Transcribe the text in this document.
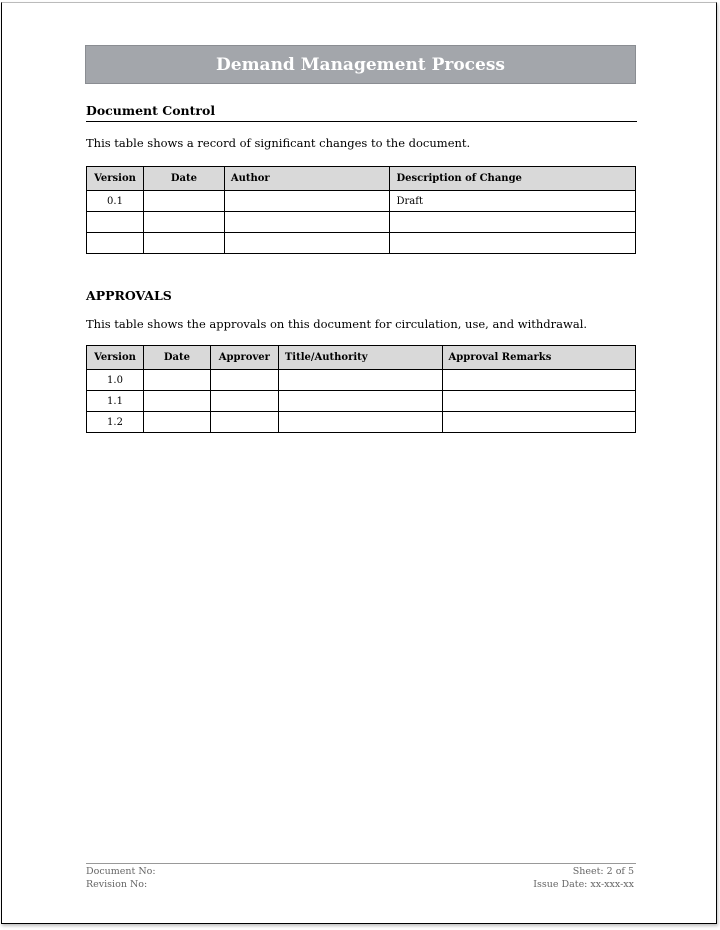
Demand Management Process
Document Control
This table shows a record of significant changes to the document.
Version	Date	Author	Description of Change
0.1			Draft

APPROVALS
This table shows the approvals on this document for circulation, use, and withdrawal.
Version	Date	Approver	Title/Authority	Approval Remarks
1.0				
1.1				
1.2				
Document No:
Revision No:
Sheet: 2 of 5
Issue Date: xx-xxx-xx
